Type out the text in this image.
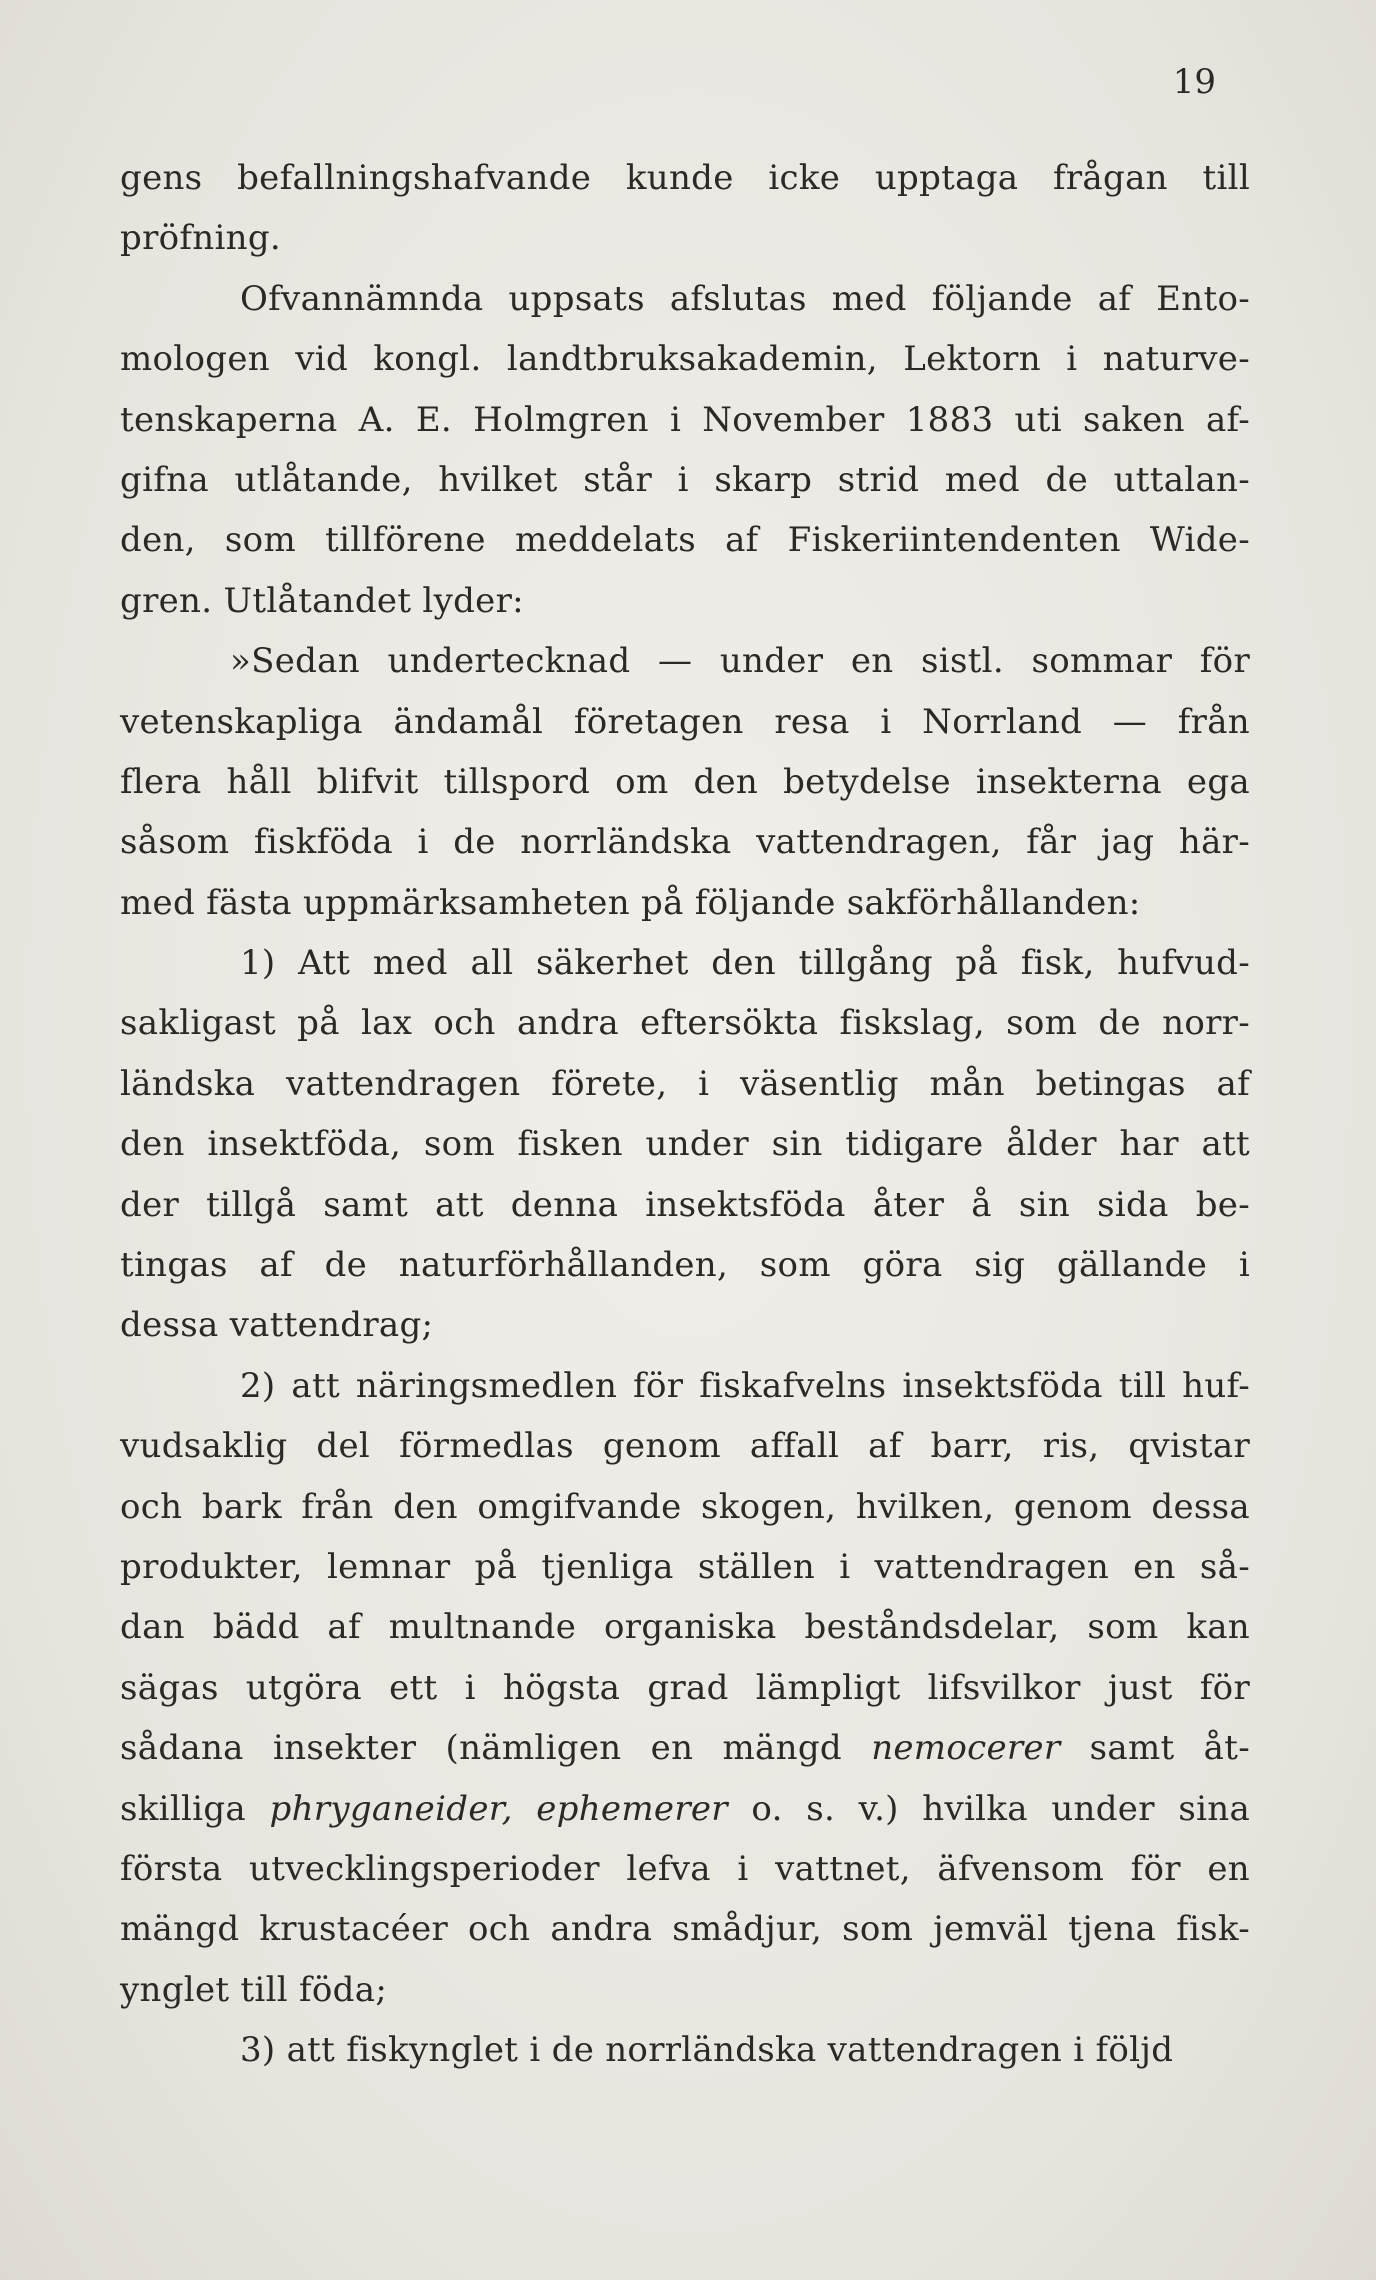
19
gens befallningshafvande kunde icke upptaga frågan till
pröfning.
Ofvannämnda uppsats afslutas med följande af Ento-
mologen vid kongl. landtbruksakademin, Lektorn i naturve-
tenskaperna A. E. Holmgren i November 1883 uti saken af-
gifna utlåtande, hvilket står i skarp strid med de uttalan-
den, som tillförene meddelats af Fiskeriintendenten Wide-
gren. Utlåtandet lyder:
»Sedan undertecknad — under en sistl. sommar för
vetenskapliga ändamål företagen resa i Norrland — från
flera håll blifvit tillspord om den betydelse insekterna ega
såsom fiskföda i de norrländska vattendragen, får jag här-
med fästa uppmärksamheten på följande sakförhållanden:
1) Att med all säkerhet den tillgång på fisk, hufvud-
sakligast på lax och andra eftersökta fiskslag, som de norr-
ländska vattendragen förete, i väsentlig mån betingas af
den insektföda, som fisken under sin tidigare ålder har att
der tillgå samt att denna insektsföda åter å sin sida be-
tingas af de naturförhållanden, som göra sig gällande i
dessa vattendrag;
2) att näringsmedlen för fiskafvelns insektsföda till huf-
vudsaklig del förmedlas genom affall af barr, ris, qvistar
och bark från den omgifvande skogen, hvilken, genom dessa
produkter, lemnar på tjenliga ställen i vattendragen en så-
dan bädd af multnande organiska beståndsdelar, som kan
sägas utgöra ett i högsta grad lämpligt lifsvilkor just för
sådana insekter (nämligen en mängd nemocerer samt åt-
skilliga phryganeider, ephemerer o. s. v.) hvilka under sina
första utvecklingsperioder lefva i vattnet, äfvensom för en
mängd krustacéer och andra smådjur, som jemväl tjena fisk-
ynglet till föda;
3) att fiskynglet i de norrländska vattendragen i följd
